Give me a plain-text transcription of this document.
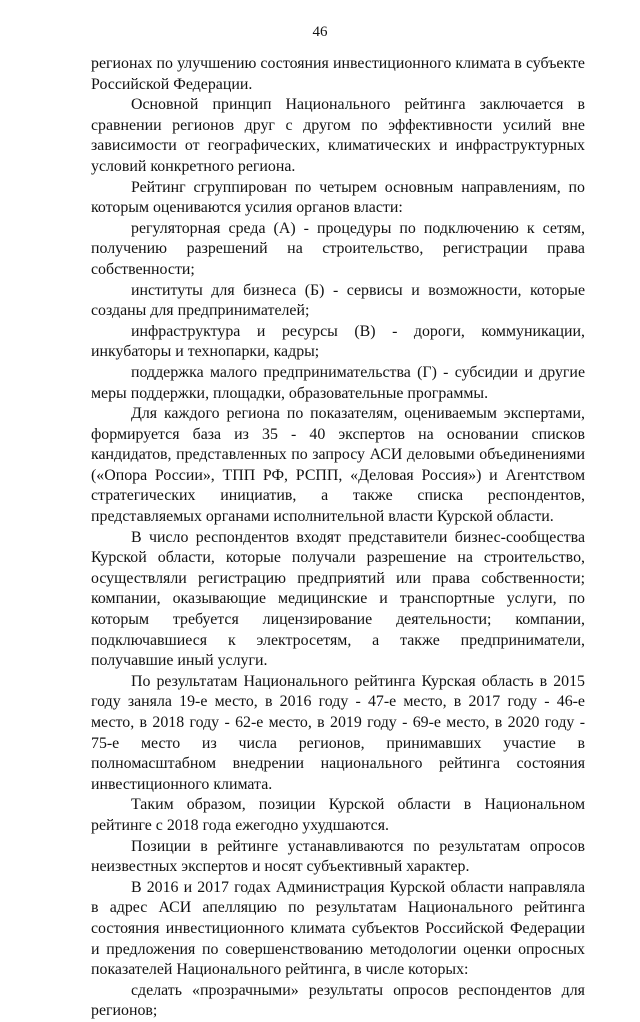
46

регионах по улучшению состояния инвестиционного климата в субъекте Российской Федерации.

Основной принцип Национального рейтинга заключается в сравнении регионов друг с другом по эффективности усилий вне зависимости от географических, климатических и инфраструктурных условий конкретного региона.

Рейтинг сгруппирован по четырем основным направлениям, по которым оцениваются усилия органов власти:

регуляторная среда (А) - процедуры по подключению к сетям, получению разрешений на строительство, регистрации права собственности;

институты для бизнеса (Б) - сервисы и возможности, которые созданы для предпринимателей;

инфраструктура и ресурсы (В) - дороги, коммуникации, инкубаторы и технопарки, кадры;

поддержка малого предпринимательства (Г) - субсидии и другие меры поддержки, площадки, образовательные программы.

Для каждого региона по показателям, оцениваемым экспертами, формируется база из 35 - 40 экспертов на основании списков кандидатов, представленных по запросу АСИ деловыми объединениями («Опора России», ТПП РФ, РСПП, «Деловая Россия») и Агентством стратегических инициатив, а также списка респондентов, представляемых органами исполнительной власти Курской области.

В число респондентов входят представители бизнес-сообщества Курской области, которые получали разрешение на строительство, осуществляли регистрацию предприятий или права собственности; компании, оказывающие медицинские и транспортные услуги, по которым требуется лицензирование деятельности; компании, подключавшиеся к электросетям, а также предприниматели, получавшие иный услуги.

По результатам Национального рейтинга Курская область в 2015 году заняла 19-е место, в 2016 году - 47-е место, в 2017 году - 46-е место, в 2018 году - 62-е место, в 2019 году - 69-е место, в 2020 году - 75-е место из числа регионов, принимавших участие в полномасштабном внедрении национального рейтинга состояния инвестиционного климата.

Таким образом, позиции Курской области в Национальном рейтинге с 2018 года ежегодно ухудшаются.

Позиции в рейтинге устанавливаются по результатам опросов неизвестных экспертов и носят субъективный характер.

В 2016 и 2017 годах Администрация Курской области направляла в адрес АСИ апелляцию по результатам Национального рейтинга состояния инвестиционного климата субъектов Российской Федерации и предложения по совершенствованию методологии оценки опросных показателей Национального рейтинга, в числе которых:

сделать «прозрачными» результаты опросов респондентов для регионов;
